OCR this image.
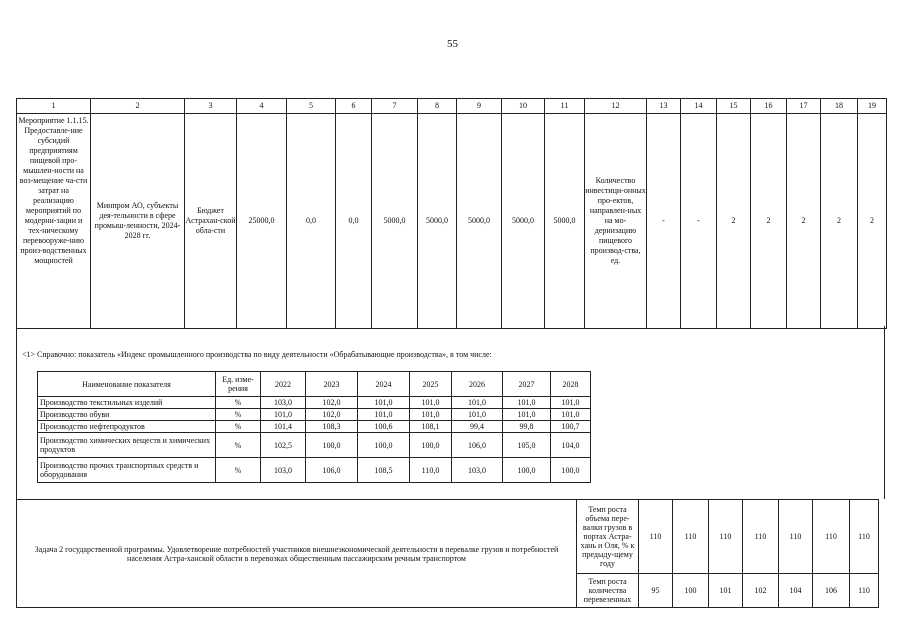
55
1	2	3	4	5	6	7	8	9	10	11	12	13	14	15	16	17	18	19
Мероприятие 1.1.15. Предоставле-ние субсидий предприятиям пищевой про-мышлен-ности на воз-мещение ча-сти затрат на реализацию мероприятий по модерни-зации и тех-ническому перевооруже-нию произ-водственных мощностей	Минпром АО, субъекты дея-тельности в сфере промыш-ленности, 2024-2028 гг.	Бюджет Астрахан-ской обла-сти	25000,0	0,0	0,0	5000,0	5000,0	5000,0	5000,0	5000,0	Количество инвестици-онных про-ектов, направлен-ных на мо-дернизацию пищевого производ-ства, ед.	-	-	2	2	2	2	2
<1> Справочно: показатель «Индекс промышленного производства по виду деятельности «Обрабатывающие производства», в том числе:
Наименование показателя	Ед. изме-рения	2022	2023	2024	2025	2026	2027	2028
Производство текстильных изделий	%	103,0	102,0	101,0	101,0	101,0	101,0	101,0
Производство обуви	%	101,0	102,0	101,0	101,0	101,0	101,0	101,0
Производство нефтепродуктов	%	101,4	108,3	100,6	108,1	99,4	99,8	100,7
Производство химических веществ и химических продуктов	%	102,5	100,0	100,0	100,0	106,0	105,0	104,0
Производство прочих транспортных средств и оборудования	%	103,0	106,0	108,5	110,0	103,0	100,0	100,0
Задача 2 государственной программы. Удовлетворение потребностей участников внешнеэкономической деятельности в перевалке грузов и потребностей населения Астра-ханской области в перевозках общественным пассажирским речным транспортом	Темп роста объема пере-валки грузов в портах Астра-хань и Оля, % к предыду-щему году	110	110	110	110	110	110	110
	Темп роста количества перевезенных	95	100	101	102	104	106	110
